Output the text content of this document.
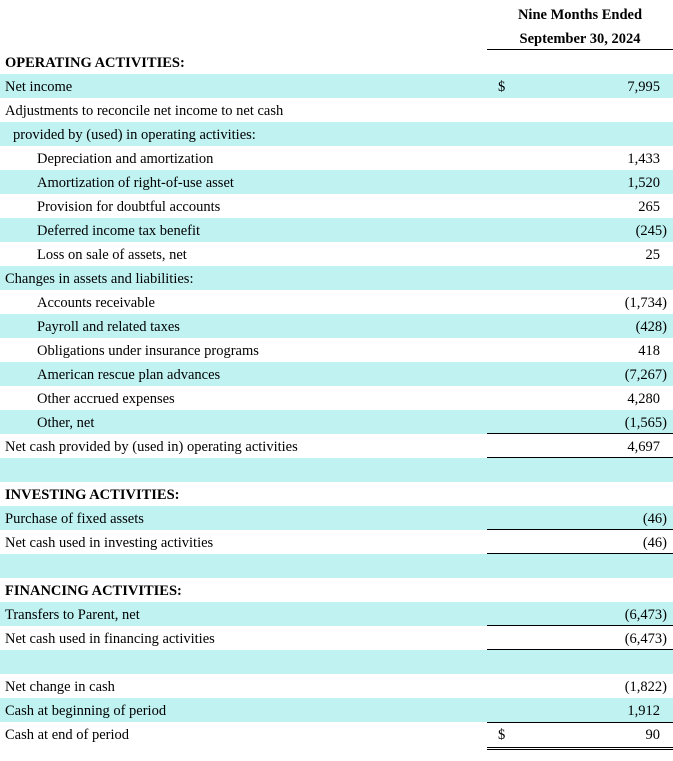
Nine Months Ended
September 30, 2024
OPERATING ACTIVITIES:
Net income	$	7,995
Adjustments to reconcile net income to net cash
provided by (used) in operating activities:
Depreciation and amortization	1,433
Amortization of right-of-use asset	1,520
Provision for doubtful accounts	265
Deferred income tax benefit	(245)
Loss on sale of assets, net	25
Changes in assets and liabilities:
Accounts receivable	(1,734)
Payroll and related taxes	(428)
Obligations under insurance programs	418
American rescue plan advances	(7,267)
Other accrued expenses	4,280
Other, net	(1,565)
Net cash provided by (used in) operating activities	4,697
INVESTING ACTIVITIES:
Purchase of fixed assets	(46)
Net cash used in investing activities	(46)
FINANCING ACTIVITIES:
Transfers to Parent, net	(6,473)
Net cash used in financing activities	(6,473)
Net change in cash	(1,822)
Cash at beginning of period	1,912
Cash at end of period	$	90
